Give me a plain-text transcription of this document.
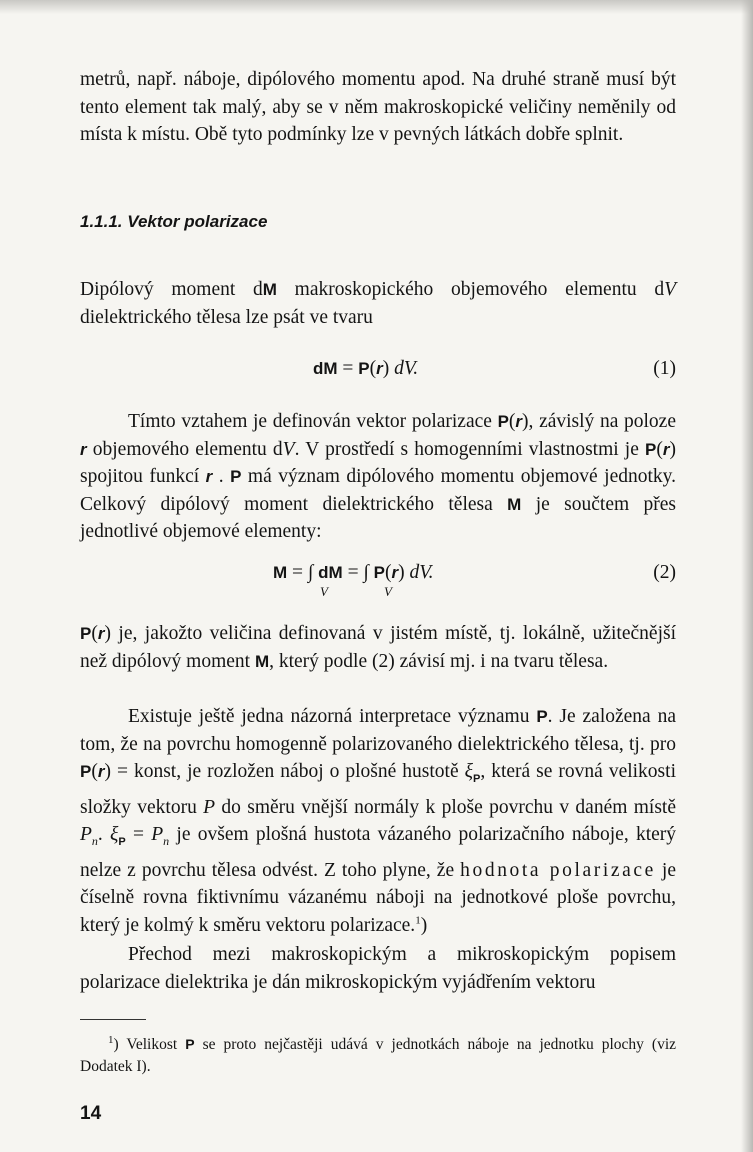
metrů, např. náboje, dipólového momentu apod. Na druhé straně musí být tento element tak malý, aby se v něm makroskopické veličiny neměnily od místa k místu. Obě tyto podmínky lze v pevných látkách dobře splnit.

1.1.1. Vektor polarizace

Dipólový moment dM makroskopického objemového elementu dV dielektrického tělesa lze psát ve tvaru

dM = P(r) dV.	(1)

Tímto vztahem je definován vektor polarizace P(r), závislý na poloze r objemového elementu dV. V prostředí s homogenními vlastnostmi je P(r) spojitou funkcí r . P má význam dipólového momentu objemové jednotky. Celkový dipólový moment dielektrického tělesa M je součtem přes jednotlivé objemové elementy:

M = ∫ dM = ∫ P(r) dV.
V	V
(2)

P(r) je, jakožto veličina definovaná v jistém místě, tj. lokálně, užitečnější než dipólový moment M, který podle (2) závisí mj. i na tvaru tělesa.

Existuje ještě jedna názorná interpretace významu P. Je založena na tom, že na povrchu homogenně polarizovaného dielektrického tělesa, tj. pro P(r) = konst, je rozložen náboj o plošné hustotě $\xi_P$, která se rovná velikosti složky vektoru P do směru vnější normály k ploše povrchu v daném místě $P_n$. $\xi_P = P_n$ je ovšem plošná hustota vázaného polarizačního náboje, který nelze z povrchu tělesa odvést. Z toho plyne, že hodnota polarizace je číselně rovna fiktivnímu vázanému náboji na jednotkové ploše povrchu, který je kolmý k směru vektoru polarizace.$^1$)

Přechod mezi makroskopickým a mikroskopickým popisem polarizace dielektrika je dán mikroskopickým vyjádřením vektoru

$^1$) Velikost P se proto nejčastěji udává v jednotkách náboje na jednotku plochy (viz Dodatek I).

14
